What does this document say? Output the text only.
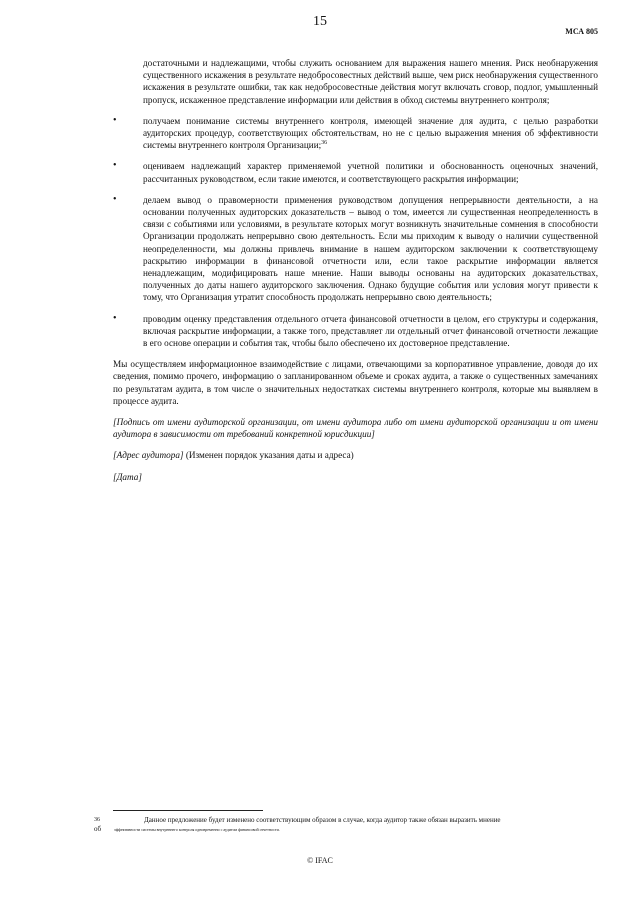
15
МСА 805

достаточными и надлежащими, чтобы служить основанием для выражения нашего мнения. Риск необнаружения существенного искажения в результате недобросовестных действий выше, чем риск необнаружения существенного искажения в результате ошибки, так как недобросовестные действия могут включать сговор, подлог, умышленный пропуск, искаженное представление информации или действия в обход системы внутреннего контроля;

•	получаем понимание системы внутреннего контроля, имеющей значение для аудита, с целью разработки аудиторских процедур, соответствующих обстоятельствам, но не с целью выражения мнения об эффективности системы внутреннего контроля Организации;$^{36}$
•	оцениваем надлежащий характер применяемой учетной политики и обоснованность оценочных значений, рассчитанных руководством, если такие имеются, и соответствующего раскрытия информации;
•	делаем вывод о правомерности применения руководством допущения непрерывности деятельности, а на основании полученных аудиторских доказательств – вывод о том, имеется ли существенная неопределенность в связи с событиями или условиями, в результате которых могут возникнуть значительные сомнения в способности Организации продолжать непрерывно свою деятельность. Если мы приходим к выводу о наличии существенной неопределенности, мы должны привлечь внимание в нашем аудиторском заключении к соответствующему раскрытию информации в финансовой отчетности или, если такое раскрытие информации является ненадлежащим, модифицировать наше мнение. Наши выводы основаны на аудиторских доказательствах, полученных до даты нашего аудиторского заключения. Однако будущие события или условия могут привести к тому, что Организация утратит способность продолжать непрерывно свою деятельность;
•	проводим оценку представления отдельного отчета финансовой отчетности в целом, его структуры и содержания, включая раскрытие информации, а также того, представляет ли отдельный отчет финансовой отчетности лежащие в его основе операции и события так, чтобы было обеспечено их достоверное представление.

Мы осуществляем информационное взаимодействие с лицами, отвечающими за корпоративное управление, доводя до их сведения, помимо прочего, информацию о запланированном объеме и сроках аудита, а также о существенных замечаниях по результатам аудита, в том числе о значительных недостатках системы внутреннего контроля, которые мы выявляем в процессе аудита.

[Подпись от имени аудиторской организации, от имени аудитора либо от имени аудиторской организации и от имени аудитора в зависимости от требований конкретной юрисдикции]

[Адрес аудитора] (Изменен порядок указания даты и адреса)

[Дата]

36	Данное предложение будет изменено соответствующим образом в случае, когда аудитор также обязан выразить мнение
об	эффективности системы внутреннего контроля одновременно с аудитом финансовой отчетности.
© IFAC
